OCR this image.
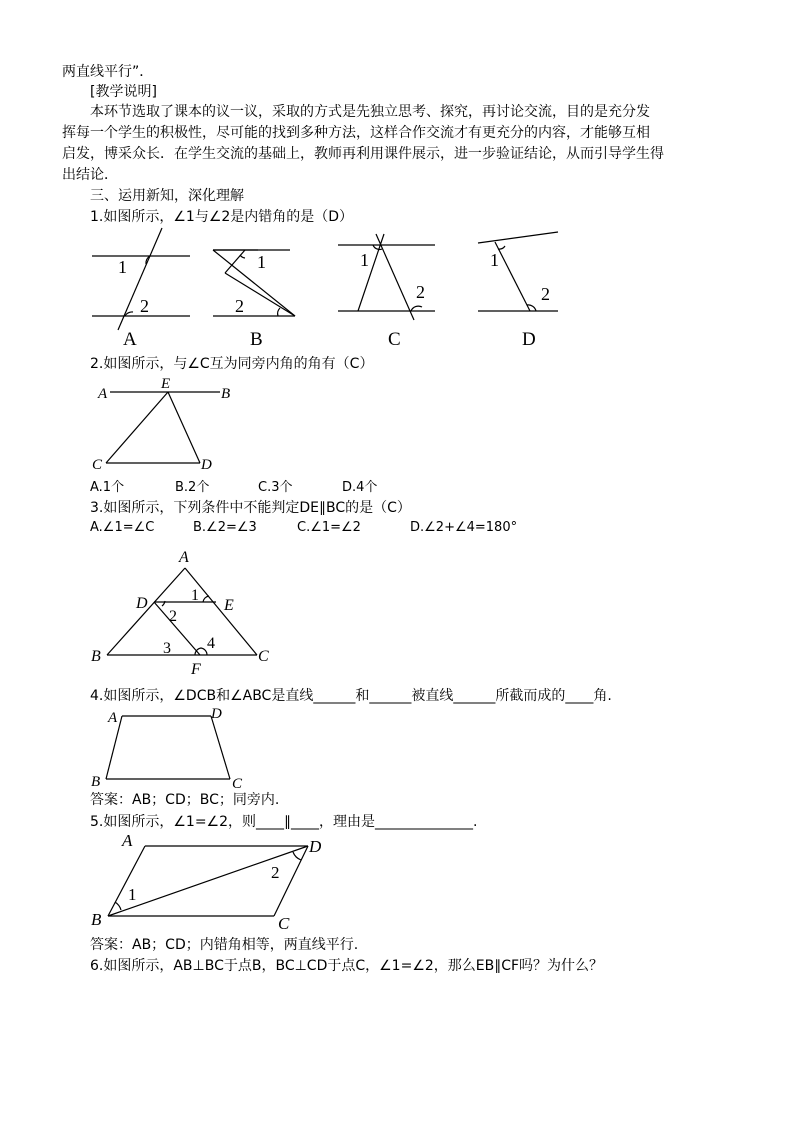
两直线平行”．
[教学说明]
本环节选取了课本的议一议，采取的方式是先独立思考、探究，再讨论交流，目的是充分发
挥每一个学生的积极性，尽可能的找到多种方法，这样合作交流才有更充分的内容，才能够互相
启发，博采众长．在学生交流的基础上，教师再利用课件展示，进一步验证结论，从而引导学生得
出结论．
三、运用新知，深化理解
1.如图所示，∠1与∠2是内错角的是（D）
1
2
A
1
2
B
1
2
C
1
2
D
2.如图所示，与∠C互为同旁内角的角有（C）
A
E
B
C	D
A.1个	B.2个	C.3个	D.4个
3.如图所示，下列条件中不能判定DE∥BC的是（C）
A.∠1=∠C	B.∠2=∠3	C.∠1=∠2	D.∠2+∠4=180°
A
D	E
B
F
C
1
2
3 4
4.如图所示，∠DCB和∠ABC是直线______和______被直线______所截而成的____角.
A	D
B	C
答案：AB；CD；BC；同旁内.
5.如图所示，∠1=∠2，则____∥____，理由是______________.
A	D
B	C
1
2
答案：AB；CD；内错角相等，两直线平行.
6.如图所示，AB⊥BC于点B，BC⊥CD于点C，∠1=∠2，那么EB∥CF吗？为什么？
